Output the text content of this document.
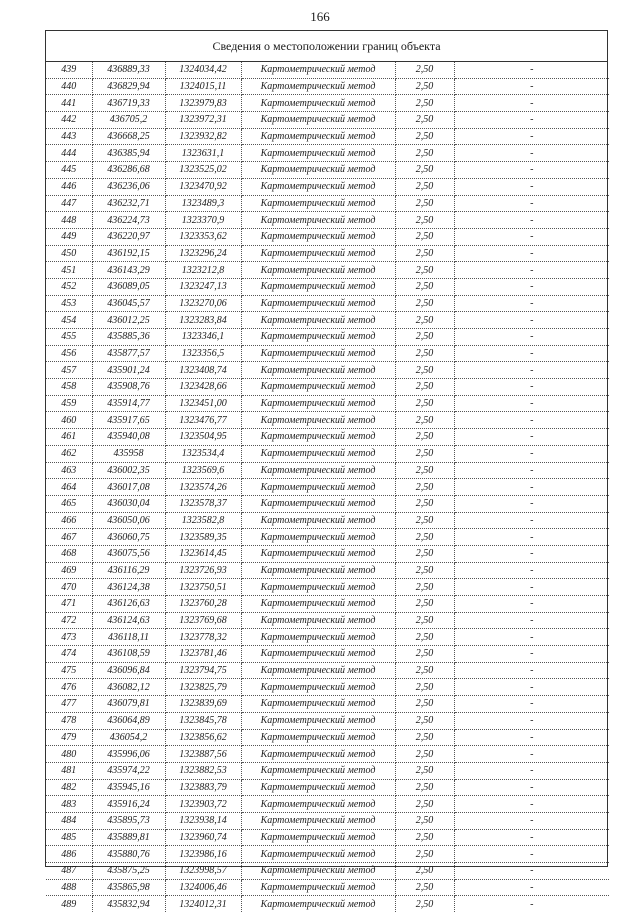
166
Сведения о местоположении границ объекта
439	436889,33	1324034,42	Картометрический метод	2,50	-
440	436829,94	1324015,11	Картометрический метод	2,50	-
441	436719,33	1323979,83	Картометрический метод	2,50	-
442	436705,2	1323972,31	Картометрический метод	2,50	-
443	436668,25	1323932,82	Картометрический метод	2,50	-
444	436385,94	1323631,1	Картометрический метод	2,50	-
445	436286,68	1323525,02	Картометрический метод	2,50	-
446	436236,06	1323470,92	Картометрический метод	2,50	-
447	436232,71	1323489,3	Картометрический метод	2,50	-
448	436224,73	1323370,9	Картометрический метод	2,50	-
449	436220,97	1323353,62	Картометрический метод	2,50	-
450	436192,15	1323296,24	Картометрический метод	2,50	-
451	436143,29	1323212,8	Картометрический метод	2,50	-
452	436089,05	1323247,13	Картометрический метод	2,50	-
453	436045,57	1323270,06	Картометрический метод	2,50	-
454	436012,25	1323283,84	Картометрический метод	2,50	-
455	435885,36	1323346,1	Картометрический метод	2,50	-
456	435877,57	1323356,5	Картометрический метод	2,50	-
457	435901,24	1323408,74	Картометрический метод	2,50	-
458	435908,76	1323428,66	Картометрический метод	2,50	-
459	435914,77	1323451,00	Картометрический метод	2,50	-
460	435917,65	1323476,77	Картометрический метод	2,50	-
461	435940,08	1323504,95	Картометрический метод	2,50	-
462	435958	1323534,4	Картометрический метод	2,50	-
463	436002,35	1323569,6	Картометрический метод	2,50	-
464	436017,08	1323574,26	Картометрический метод	2,50	-
465	436030,04	1323578,37	Картометрический метод	2,50	-
466	436050,06	1323582,8	Картометрический метод	2,50	-
467	436060,75	1323589,35	Картометрический метод	2,50	-
468	436075,56	1323614,45	Картометрический метод	2,50	-
469	436116,29	1323726,93	Картометрический метод	2,50	-
470	436124,38	1323750,51	Картометрический метод	2,50	-
471	436126,63	1323760,28	Картометрический метод	2,50	-
472	436124,63	1323769,68	Картометрический метод	2,50	-
473	436118,11	1323778,32	Картометрический метод	2,50	-
474	436108,59	1323781,46	Картометрический метод	2,50	-
475	436096,84	1323794,75	Картометрический метод	2,50	-
476	436082,12	1323825,79	Картометрический метод	2,50	-
477	436079,81	1323839,69	Картометрический метод	2,50	-
478	436064,89	1323845,78	Картометрический метод	2,50	-
479	436054,2	1323856,62	Картометрический метод	2,50	-
480	435996,06	1323887,56	Картометрический метод	2,50	-
481	435974,22	1323882,53	Картометрический метод	2,50	-
482	435945,16	1323883,79	Картометрический метод	2,50	-
483	435916,24	1323903,72	Картометрический метод	2,50	-
484	435895,73	1323938,14	Картометрический метод	2,50	-
485	435889,81	1323960,74	Картометрический метод	2,50	-
486	435880,76	1323986,16	Картометрический метод	2,50	-
487	435875,25	1323998,57	Картометрический метод	2,50	-
488	435865,98	1324006,46	Картометрический метод	2,50	-
489	435832,94	1324012,31	Картометрический метод	2,50	-
